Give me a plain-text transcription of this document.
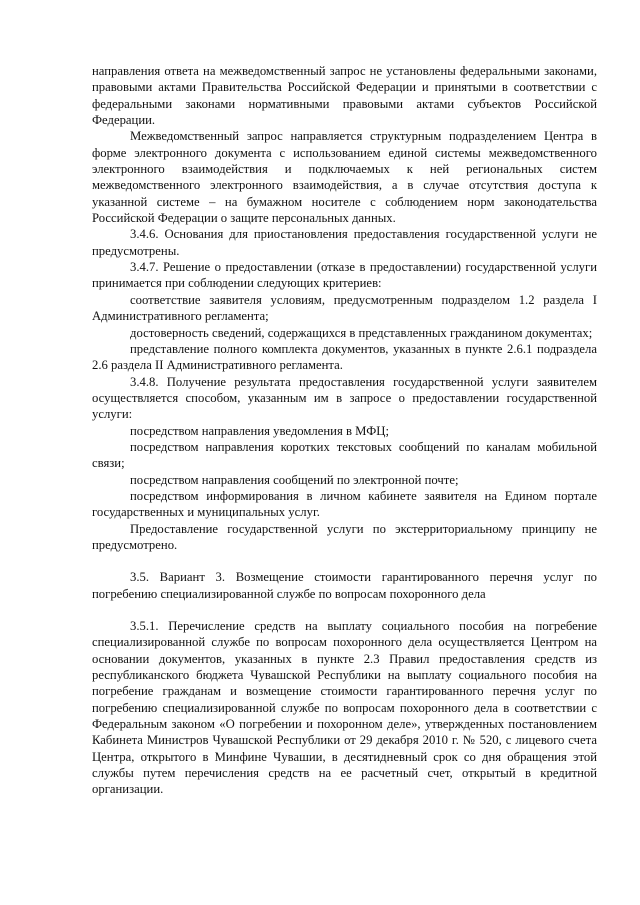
направления ответа на межведомственный запрос не установлены федеральными законами, правовыми актами Правительства Российской Федерации и принятыми в соответствии с федеральными законами нормативными правовыми актами субъектов Российской Федерации.

Межведомственный запрос направляется структурным подразделением Центра в форме электронного документа с использованием единой системы межведомственного электронного взаимодействия и подключаемых к ней региональных систем межведомственного электронного взаимодействия, а в случае отсутствия доступа к указанной системе – на бумажном носителе с соблюдением норм законодательства Российской Федерации о защите персональных данных.

3.4.6. Основания для приостановления предоставления государственной услуги не предусмотрены.

3.4.7. Решение о предоставлении (отказе в предоставлении) государственной услуги принимается при соблюдении следующих критериев:

соответствие заявителя условиям, предусмотренным подразделом 1.2 раздела I Административного регламента;

достоверность сведений, содержащихся в представленных гражданином документах;

представление полного комплекта документов, указанных в пункте 2.6.1 подраздела 2.6 раздела II Административного регламента.

3.4.8. Получение результата предоставления государственной услуги заявителем осуществляется способом, указанным им в запросе о предоставлении государственной услуги:

посредством направления уведомления в МФЦ;

посредством направления коротких текстовых сообщений по каналам мобильной связи;

посредством направления сообщений по электронной почте;

посредством информирования в личном кабинете заявителя на Едином портале государственных и муниципальных услуг.

Предоставление государственной услуги по экстерриториальному принципу не предусмотрено.

3.5. Вариант 3. Возмещение стоимости гарантированного перечня услуг по погребению специализированной службе по вопросам похоронного дела

3.5.1. Перечисление средств на выплату социального пособия на погребение специализированной службе по вопросам похоронного дела осуществляется Центром на основании документов, указанных в пункте 2.3 Правил предоставления средств из республиканского бюджета Чувашской Республики на выплату социального пособия на погребение гражданам и возмещение стоимости гарантированного перечня услуг по погребению специализированной службе по вопросам похоронного дела в соответствии с Федеральным законом «О погребении и похоронном деле», утвержденных постановлением Кабинета Министров Чувашской Республики от 29 декабря 2010 г. № 520, с лицевого счета Центра, открытого в Минфине Чувашии, в десятидневный срок со дня обращения этой службы путем перечисления средств на ее расчетный счет, открытый в кредитной организации.
